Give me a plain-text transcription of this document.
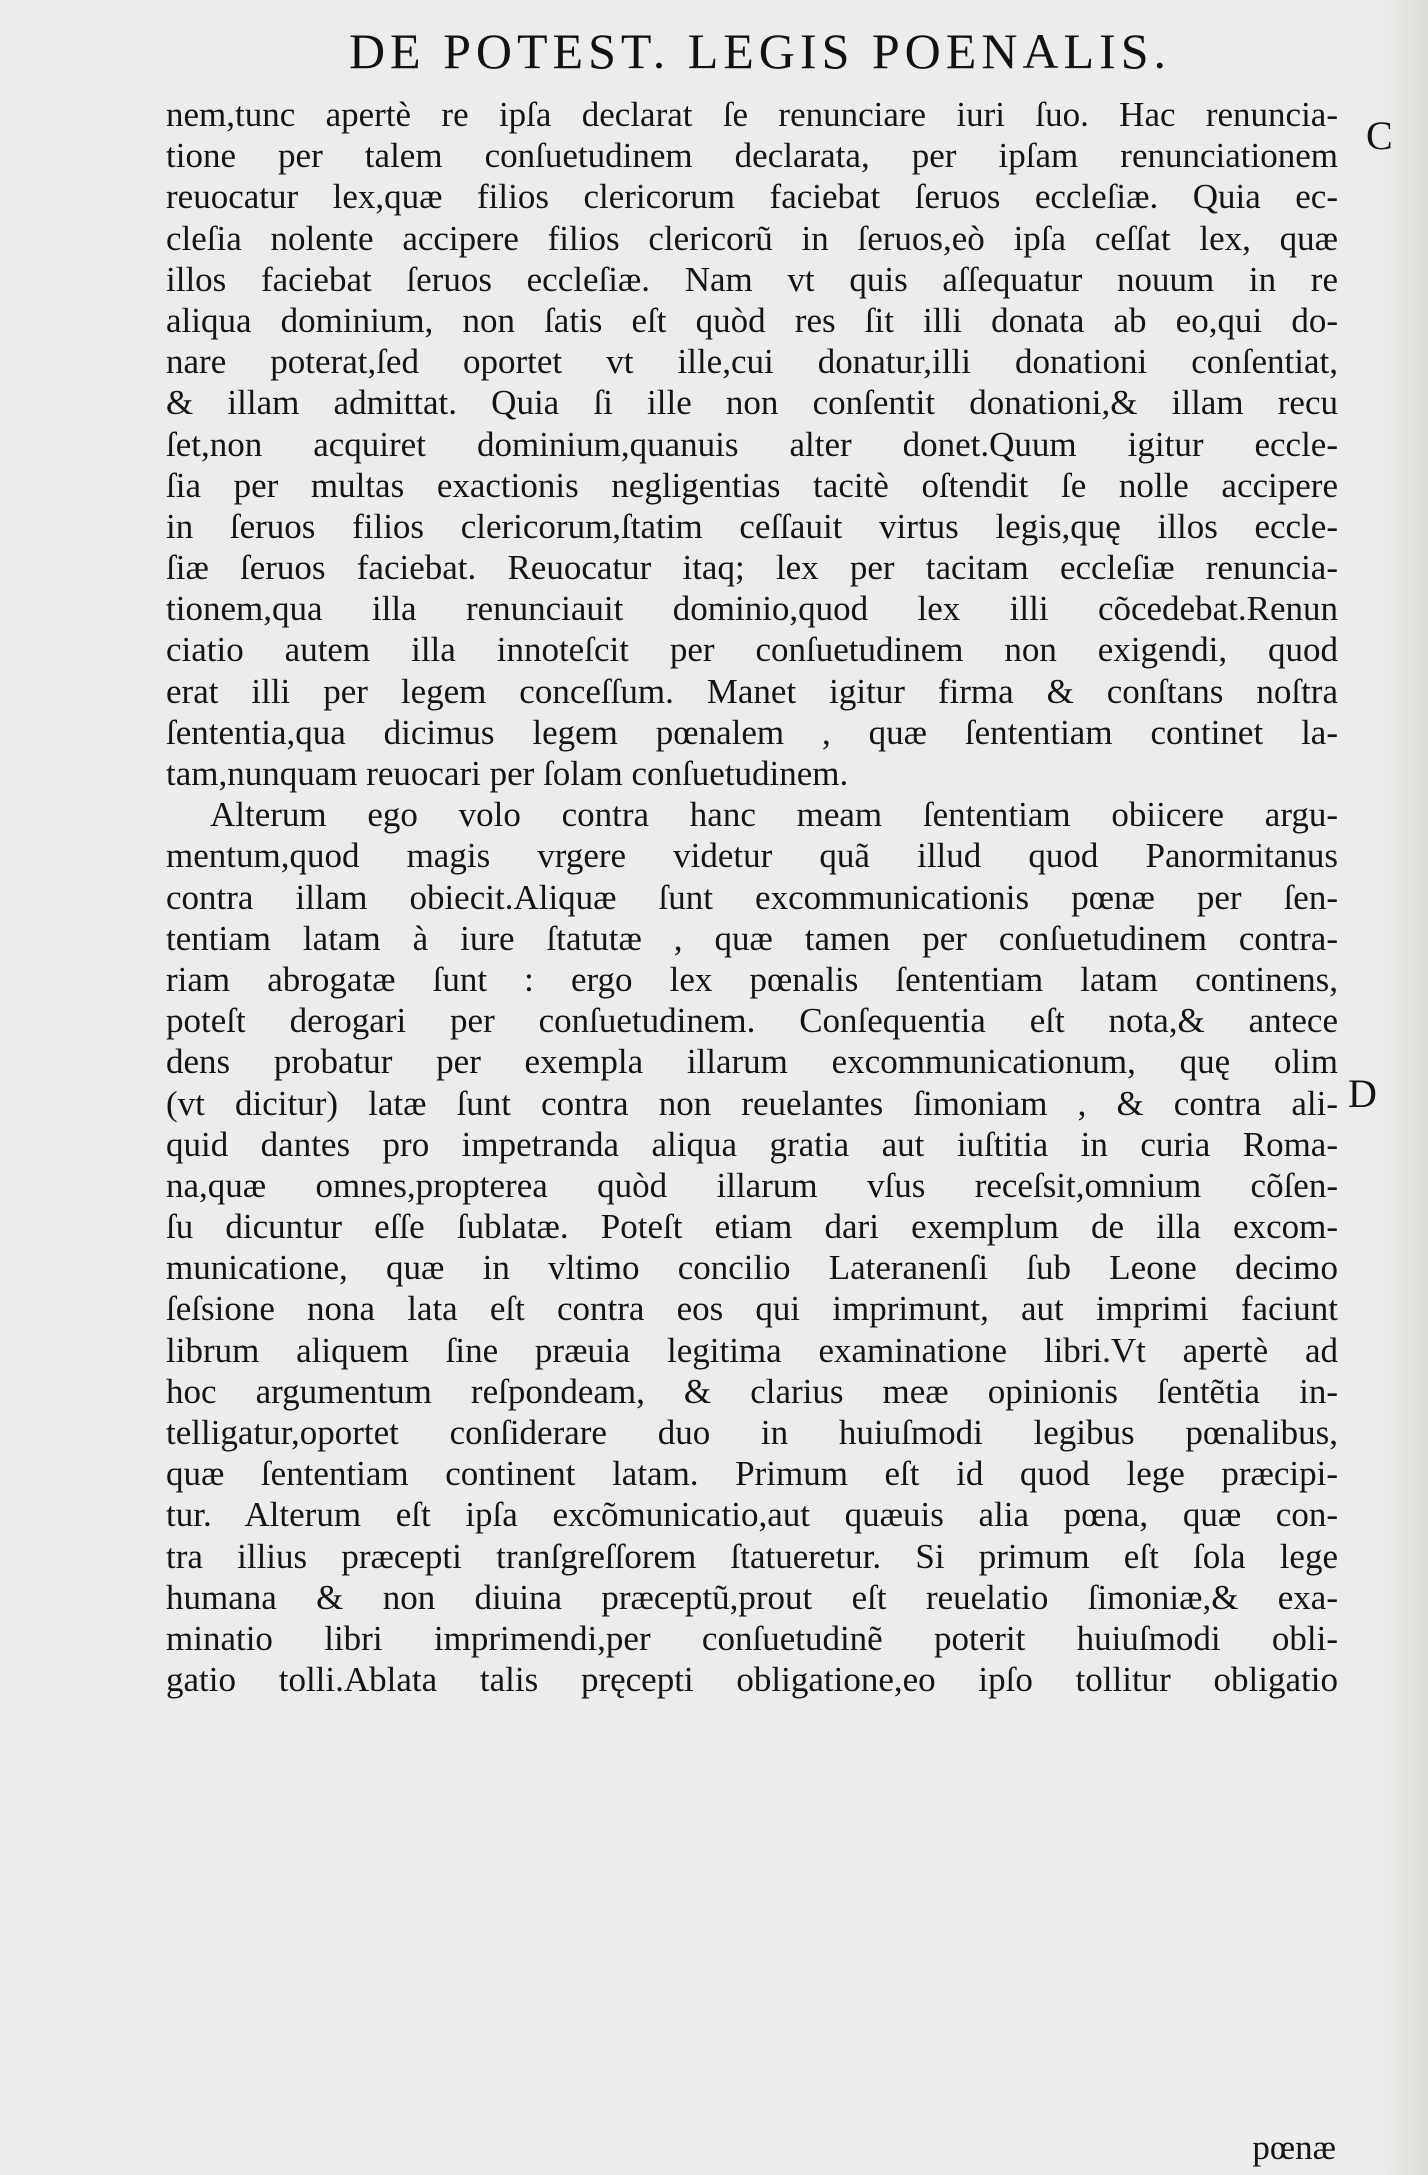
DE POTEST. LEGIS POENALIS.
C
D
nem,tunc apertè re ipſa declarat ſe renunciare iuri ſuo. Hac renuncia-
tione per talem conſuetudinem declarata, per ipſam renunciationem
reuocatur lex,quæ filios clericorum faciebat ſeruos eccleſiæ. Quia ec-
cleſia nolente accipere filios clericorũ in ſeruos,eò ipſa ceſſat lex, quæ
illos faciebat ſeruos eccleſiæ. Nam vt quis aſſequatur nouum in re
aliqua dominium, non ſatis eſt quòd res ſit illi donata ab eo,qui do-
nare poterat,ſed oportet vt ille,cui donatur,illi donationi conſentiat,
& illam admittat. Quia ſi ille non conſentit donationi,& illam recu
ſet,non acquiret dominium,quanuis alter donet.Quum igitur eccle-
ſia per multas exactionis negligentias tacitè oſtendit ſe nolle accipere
in ſeruos filios clericorum,ſtatim ceſſauit virtus legis,quę illos eccle-
ſiæ ſeruos faciebat. Reuocatur itaq; lex per tacitam eccleſiæ renuncia-
tionem,qua illa renunciauit dominio,quod lex illi cõcedebat.Renun
ciatio autem illa innoteſcit per conſuetudinem non exigendi, quod
erat illi per legem conceſſum. Manet igitur firma & conſtans noſtra
ſententia,qua dicimus legem pœnalem , quæ ſententiam continet la-
tam,nunquam reuocari per ſolam conſuetudinem.
Alterum ego volo contra hanc meam ſententiam obiicere argu-
mentum,quod magis vrgere videtur quã illud quod Panormitanus
contra illam obiecit.Aliquæ ſunt excommunicationis pœnæ per ſen-
tentiam latam à iure ſtatutæ , quæ tamen per conſuetudinem contra-
riam abrogatæ ſunt : ergo lex pœnalis ſententiam latam continens,
poteſt derogari per conſuetudinem. Conſequentia eſt nota,& antece
dens probatur per exempla illarum excommunicationum, quę olim
(vt dicitur) latæ ſunt contra non reuelantes ſimoniam , & contra ali-
quid dantes pro impetranda aliqua gratia aut iuſtitia in curia Roma-
na,quæ omnes,propterea quòd illarum vſus receſsit,omnium cõſen-
ſu dicuntur eſſe ſublatæ. Poteſt etiam dari exemplum de illa excom-
municatione, quæ in vltimo concilio Lateranenſi ſub Leone decimo
ſeſsione nona lata eſt contra eos qui imprimunt, aut imprimi faciunt
librum aliquem ſine præuia legitima examinatione libri.Vt apertè ad
hoc argumentum reſpondeam, & clarius meæ opinionis ſentẽtia in-
telligatur,oportet conſiderare duo in huiuſmodi legibus pœnalibus,
quæ ſententiam continent latam. Primum eſt id quod lege præcipi-
tur. Alterum eſt ipſa excõmunicatio,aut quæuis alia pœna, quæ con-
tra illius præcepti tranſgreſſorem ſtatueretur. Si primum eſt ſola lege
humana & non diuina præceptũ,prout eſt reuelatio ſimoniæ,& exa-
minatio libri imprimendi,per conſuetudinẽ poterit huiuſmodi obli-
gatio tolli.Ablata talis pręcepti obligatione,eo ipſo tollitur obligatio
pœnæ
